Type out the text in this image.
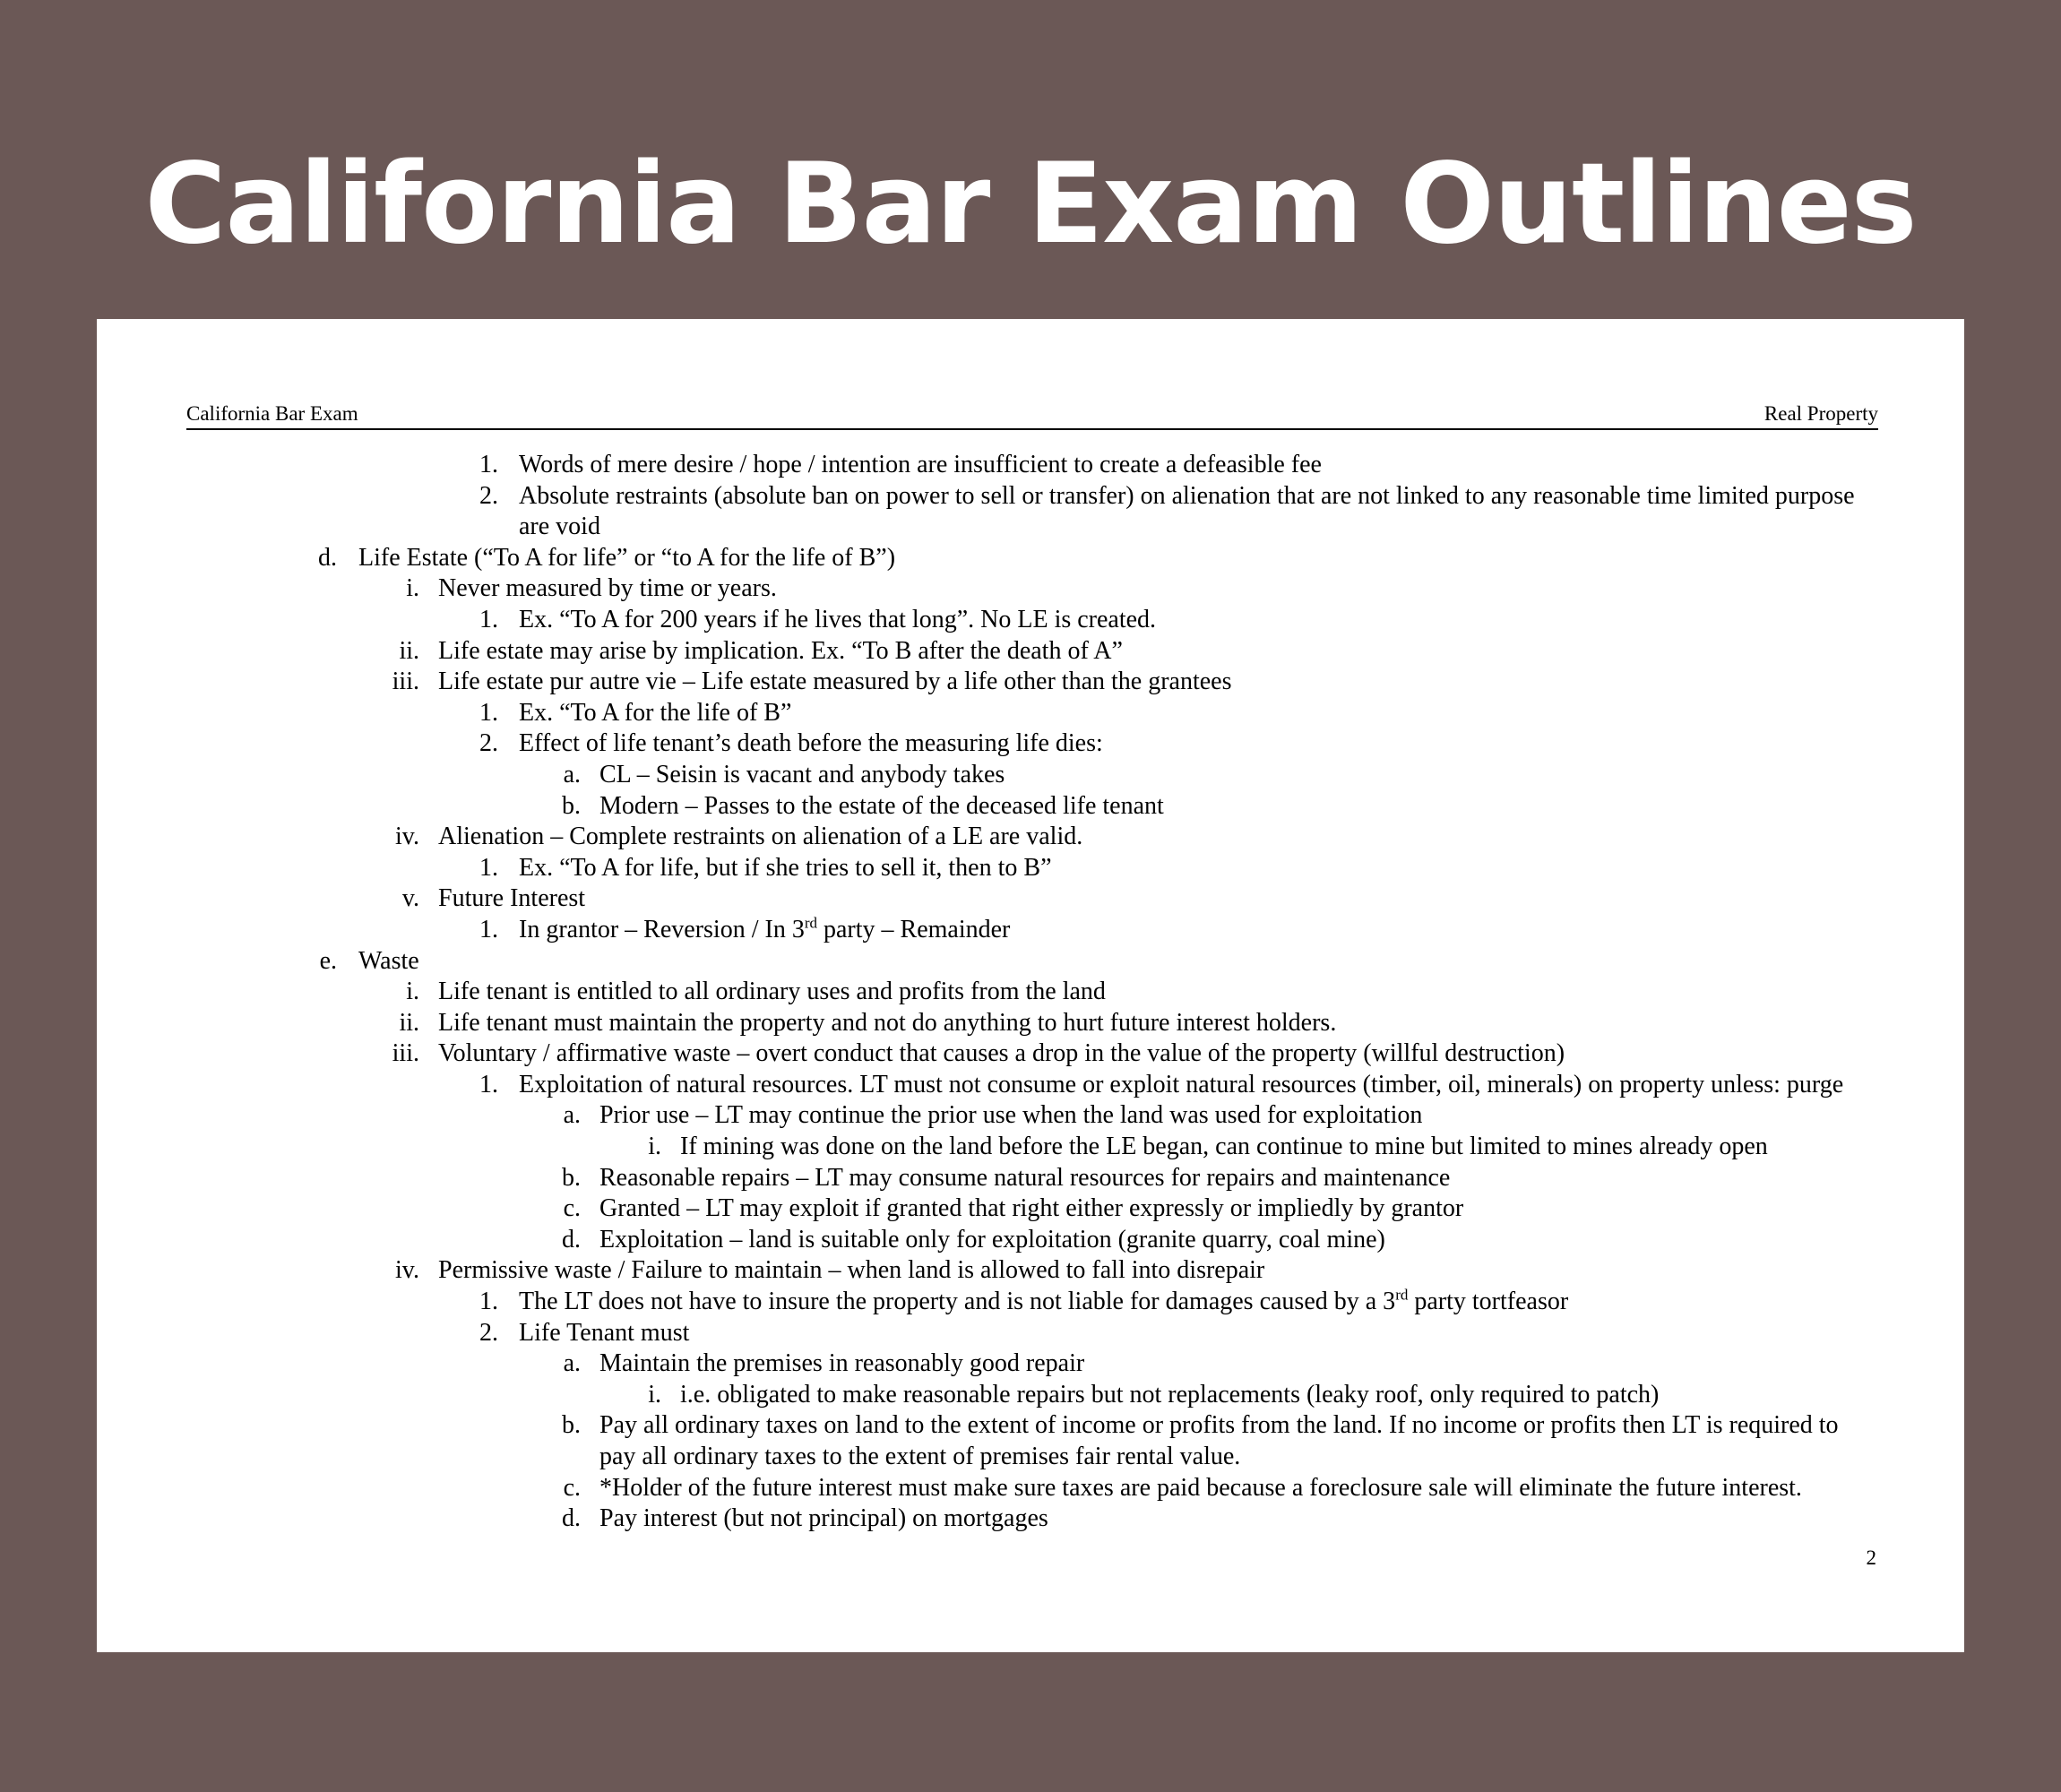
California Bar Exam Outlines
California Bar Exam	Real Property
1. Words of mere desire / hope / intention are insufficient to create a defeasible fee
2. Absolute restraints (absolute ban on power to sell or transfer) on alienation that are not linked to any reasonable time limited purpose are void
d. Life Estate (“To A for life” or “to A for the life of B”)
i. Never measured by time or years.
1. Ex. “To A for 200 years if he lives that long”. No LE is created.
ii. Life estate may arise by implication. Ex. “To B after the death of A”
iii. Life estate pur autre vie – Life estate measured by a life other than the grantees
1. Ex. “To A for the life of B”
2. Effect of life tenant’s death before the measuring life dies:
a. CL – Seisin is vacant and anybody takes
b. Modern – Passes to the estate of the deceased life tenant
iv. Alienation – Complete restraints on alienation of a LE are valid.
1. Ex. “To A for life, but if she tries to sell it, then to B”
v. Future Interest
1. In grantor – Reversion / In 3rd party – Remainder
e. Waste
i. Life tenant is entitled to all ordinary uses and profits from the land
ii. Life tenant must maintain the property and not do anything to hurt future interest holders.
iii. Voluntary / affirmative waste – overt conduct that causes a drop in the value of the property (willful destruction)
1. Exploitation of natural resources. LT must not consume or exploit natural resources (timber, oil, minerals) on property unless: purge
a. Prior use – LT may continue the prior use when the land was used for exploitation
i. If mining was done on the land before the LE began, can continue to mine but limited to mines already open
b. Reasonable repairs – LT may consume natural resources for repairs and maintenance
c. Granted – LT may exploit if granted that right either expressly or impliedly by grantor
d. Exploitation – land is suitable only for exploitation (granite quarry, coal mine)
iv. Permissive waste / Failure to maintain – when land is allowed to fall into disrepair
1. The LT does not have to insure the property and is not liable for damages caused by a 3rd party tortfeasor
2. Life Tenant must
a. Maintain the premises in reasonably good repair
i. i.e. obligated to make reasonable repairs but not replacements (leaky roof, only required to patch)
b. Pay all ordinary taxes on land to the extent of income or profits from the land. If no income or profits then LT is required to pay all ordinary taxes to the extent of premises fair rental value.
c. *Holder of the future interest must make sure taxes are paid because a foreclosure sale will eliminate the future interest.
d. Pay interest (but not principal) on mortgages
2
